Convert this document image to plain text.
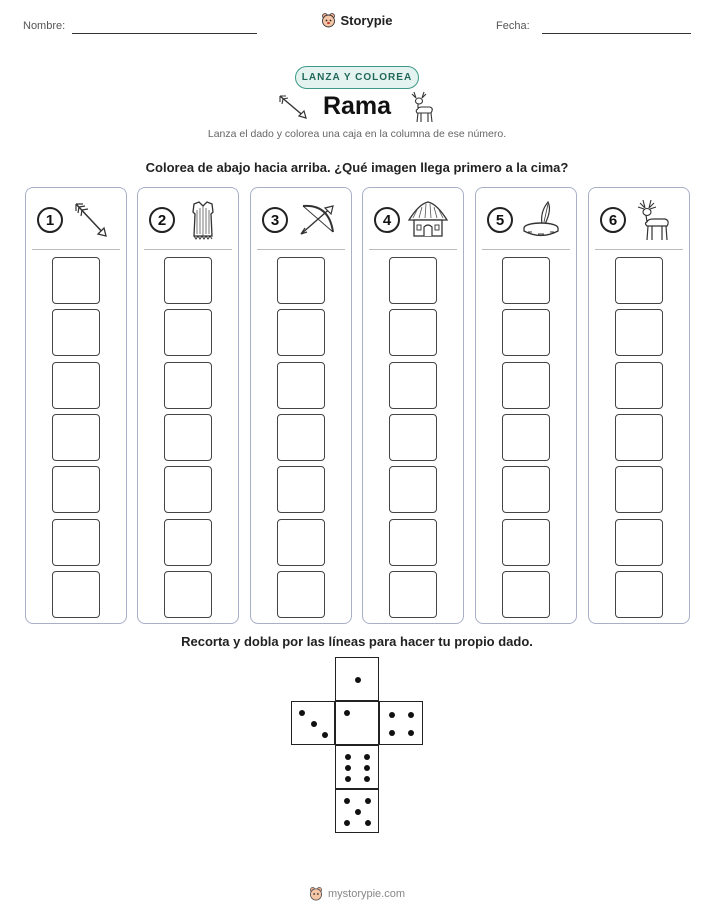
Nombre:	Storypie	Fecha:
LANZA Y COLOREA
Rama
Lanza el dado y colorea una caja en la columna de ese número.
Colorea de abajo hacia arriba. ¿Qué imagen llega primero a la cima?
1	2	3	4	5	6
Recorta y dobla por las líneas para hacer tu propio dado.
mystorypie.com
